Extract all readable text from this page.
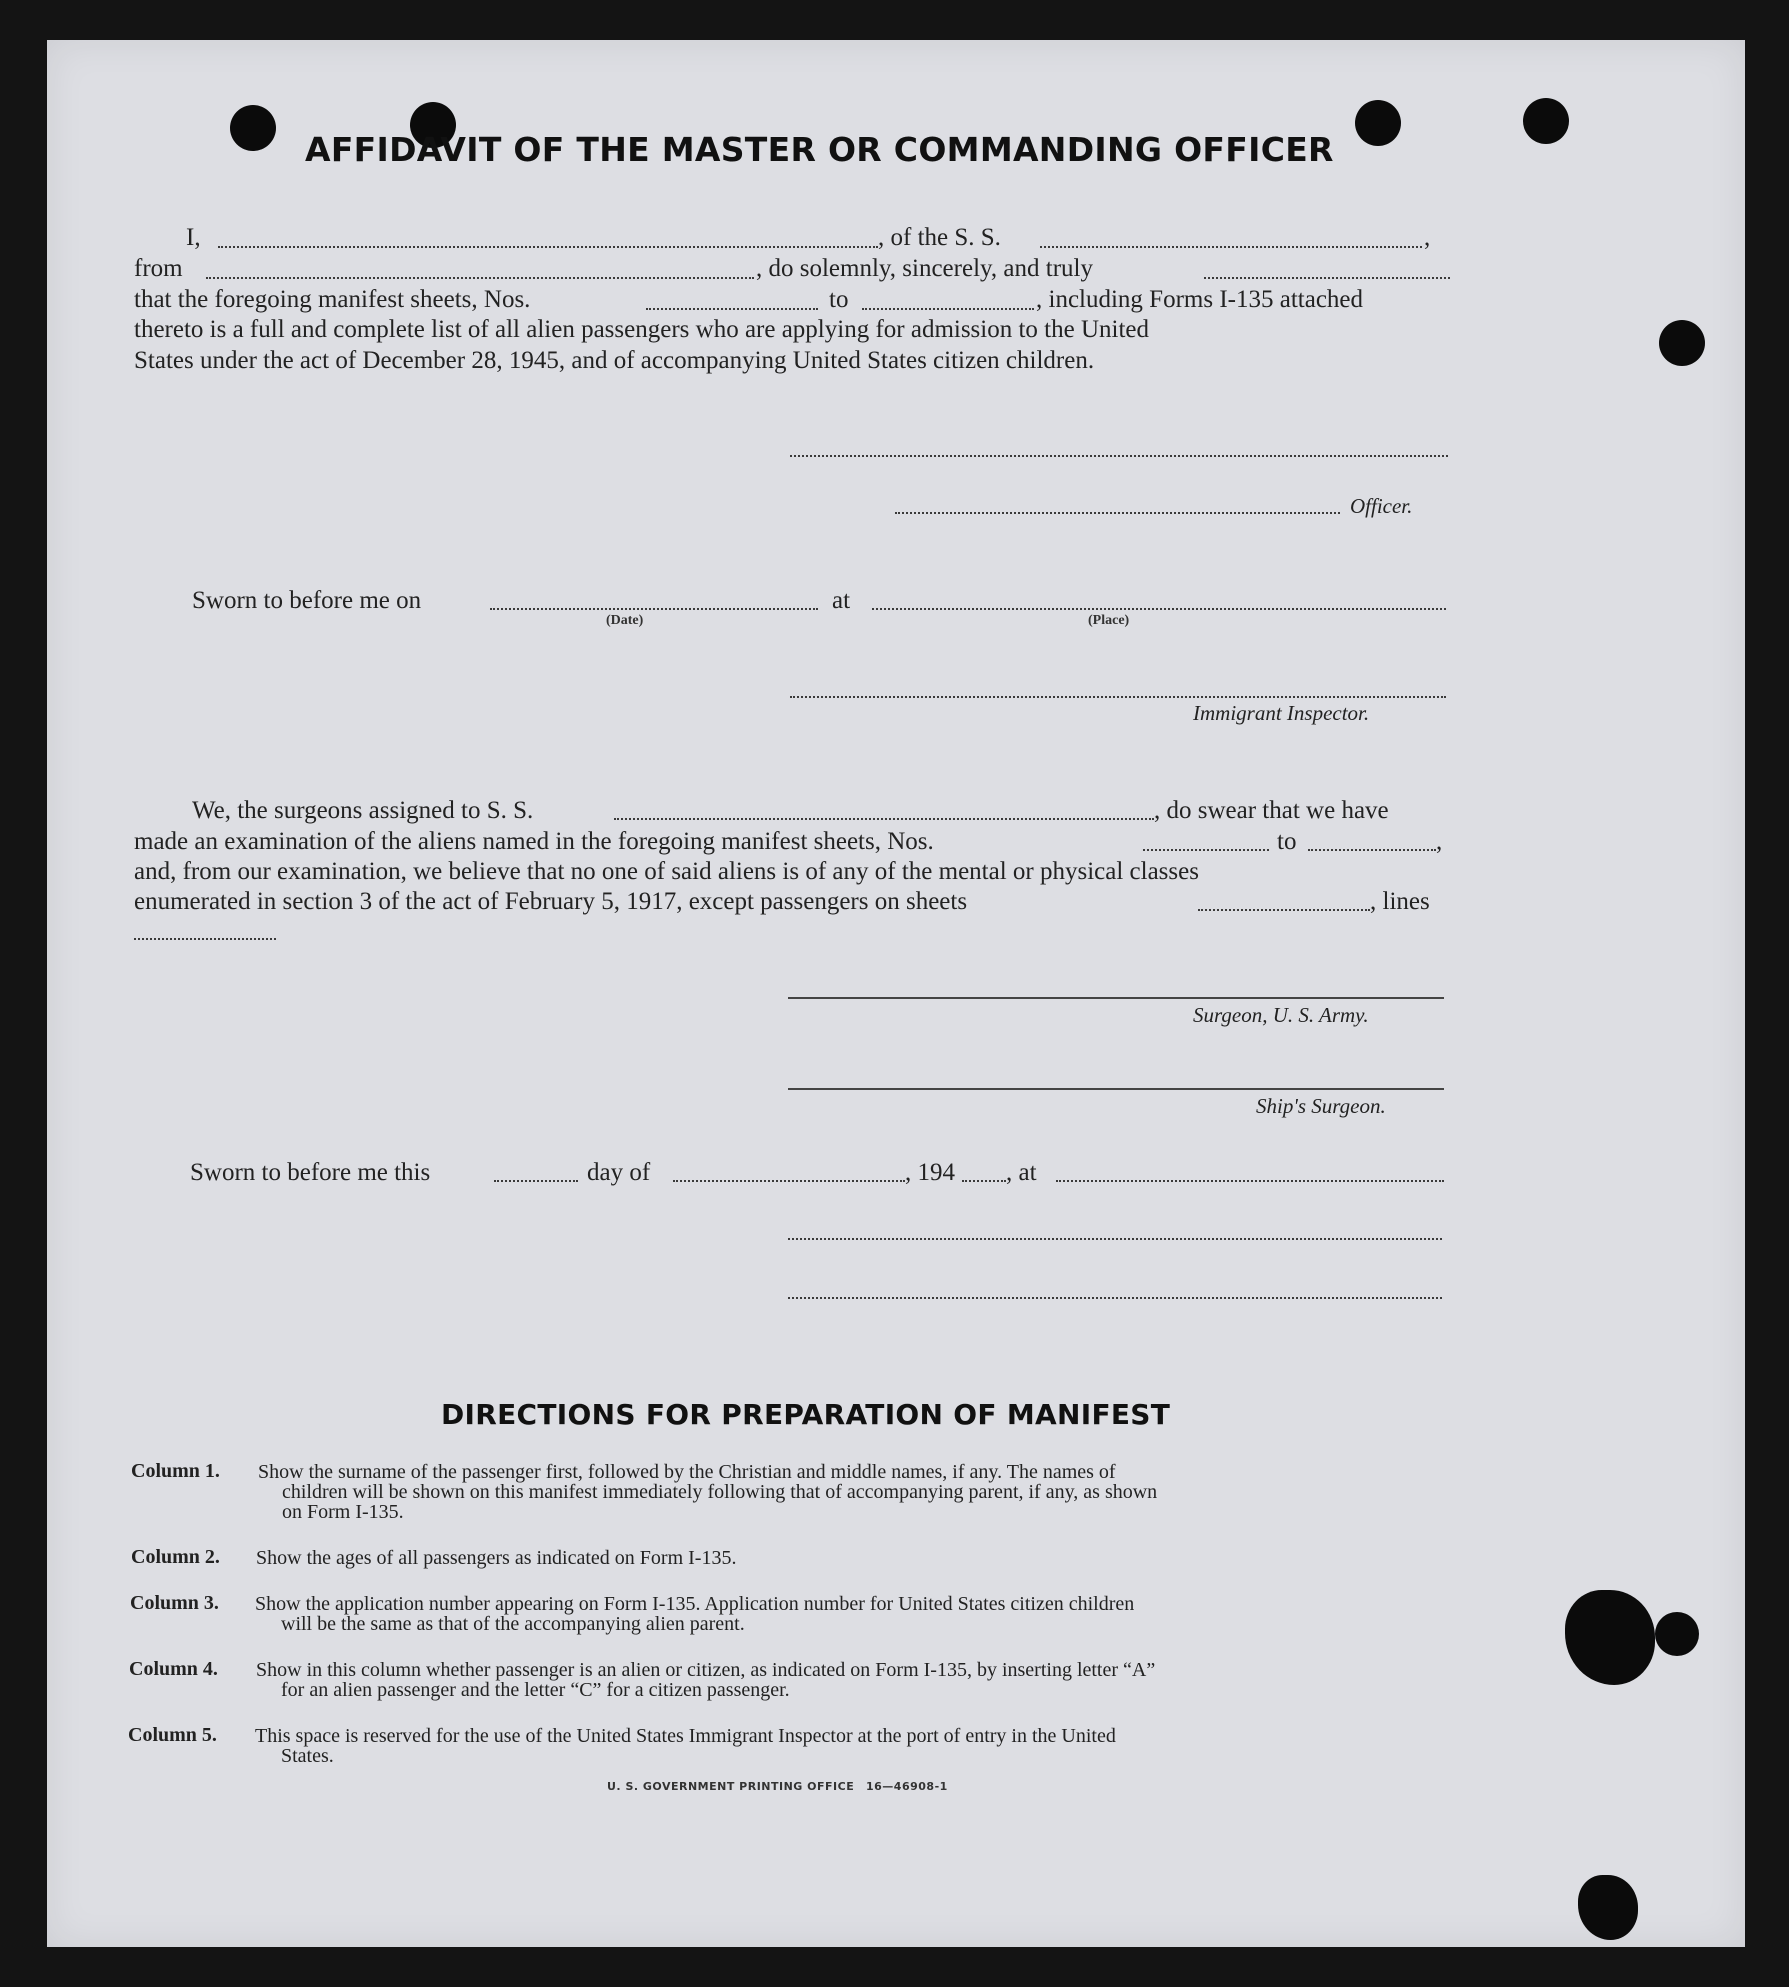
AFFIDAVIT OF THE MASTER OR COMMANDING OFFICER
I,	, of the S. S.	,
from	, do solemnly, sincerely, and truly
that the foregoing manifest sheets, Nos.	to	, including Forms I-135 attached
thereto is a full and complete list of all alien passengers who are applying for admission to the United
States under the act of December 28, 1945, and of accompanying United States citizen children.
Officer.
Sworn to before me on	at
(Date)	(Place)
Immigrant Inspector.
We, the surgeons assigned to S. S.	, do swear that we have
made an examination of the aliens named in the foregoing manifest sheets, Nos.	to	,
and, from our examination, we believe that no one of said aliens is of any of the mental or physical classes
enumerated in section 3 of the act of February 5, 1917, except passengers on sheets	, lines
Surgeon, U. S. Army.
Ship's Surgeon.
Sworn to before me this	day of	, 194 , at
DIRECTIONS FOR PREPARATION OF MANIFEST
Column 1. Show the surname of the passenger first, followed by the Christian and middle names, if any. The names of
children will be shown on this manifest immediately following that of accompanying parent, if any, as shown
on Form I-135.
Column 2. Show the ages of all passengers as indicated on Form I-135.
Column 3. Show the application number appearing on Form I-135. Application number for United States citizen children
will be the same as that of the accompanying alien parent.
Column 4. Show in this column whether passenger is an alien or citizen, as indicated on Form I-135, by inserting letter “A”
for an alien passenger and the letter “C” for a citizen passenger.
Column 5. This space is reserved for the use of the United States Immigrant Inspector at the port of entry in the United
States.
U. S. GOVERNMENT PRINTING OFFICE 16—46908-1
